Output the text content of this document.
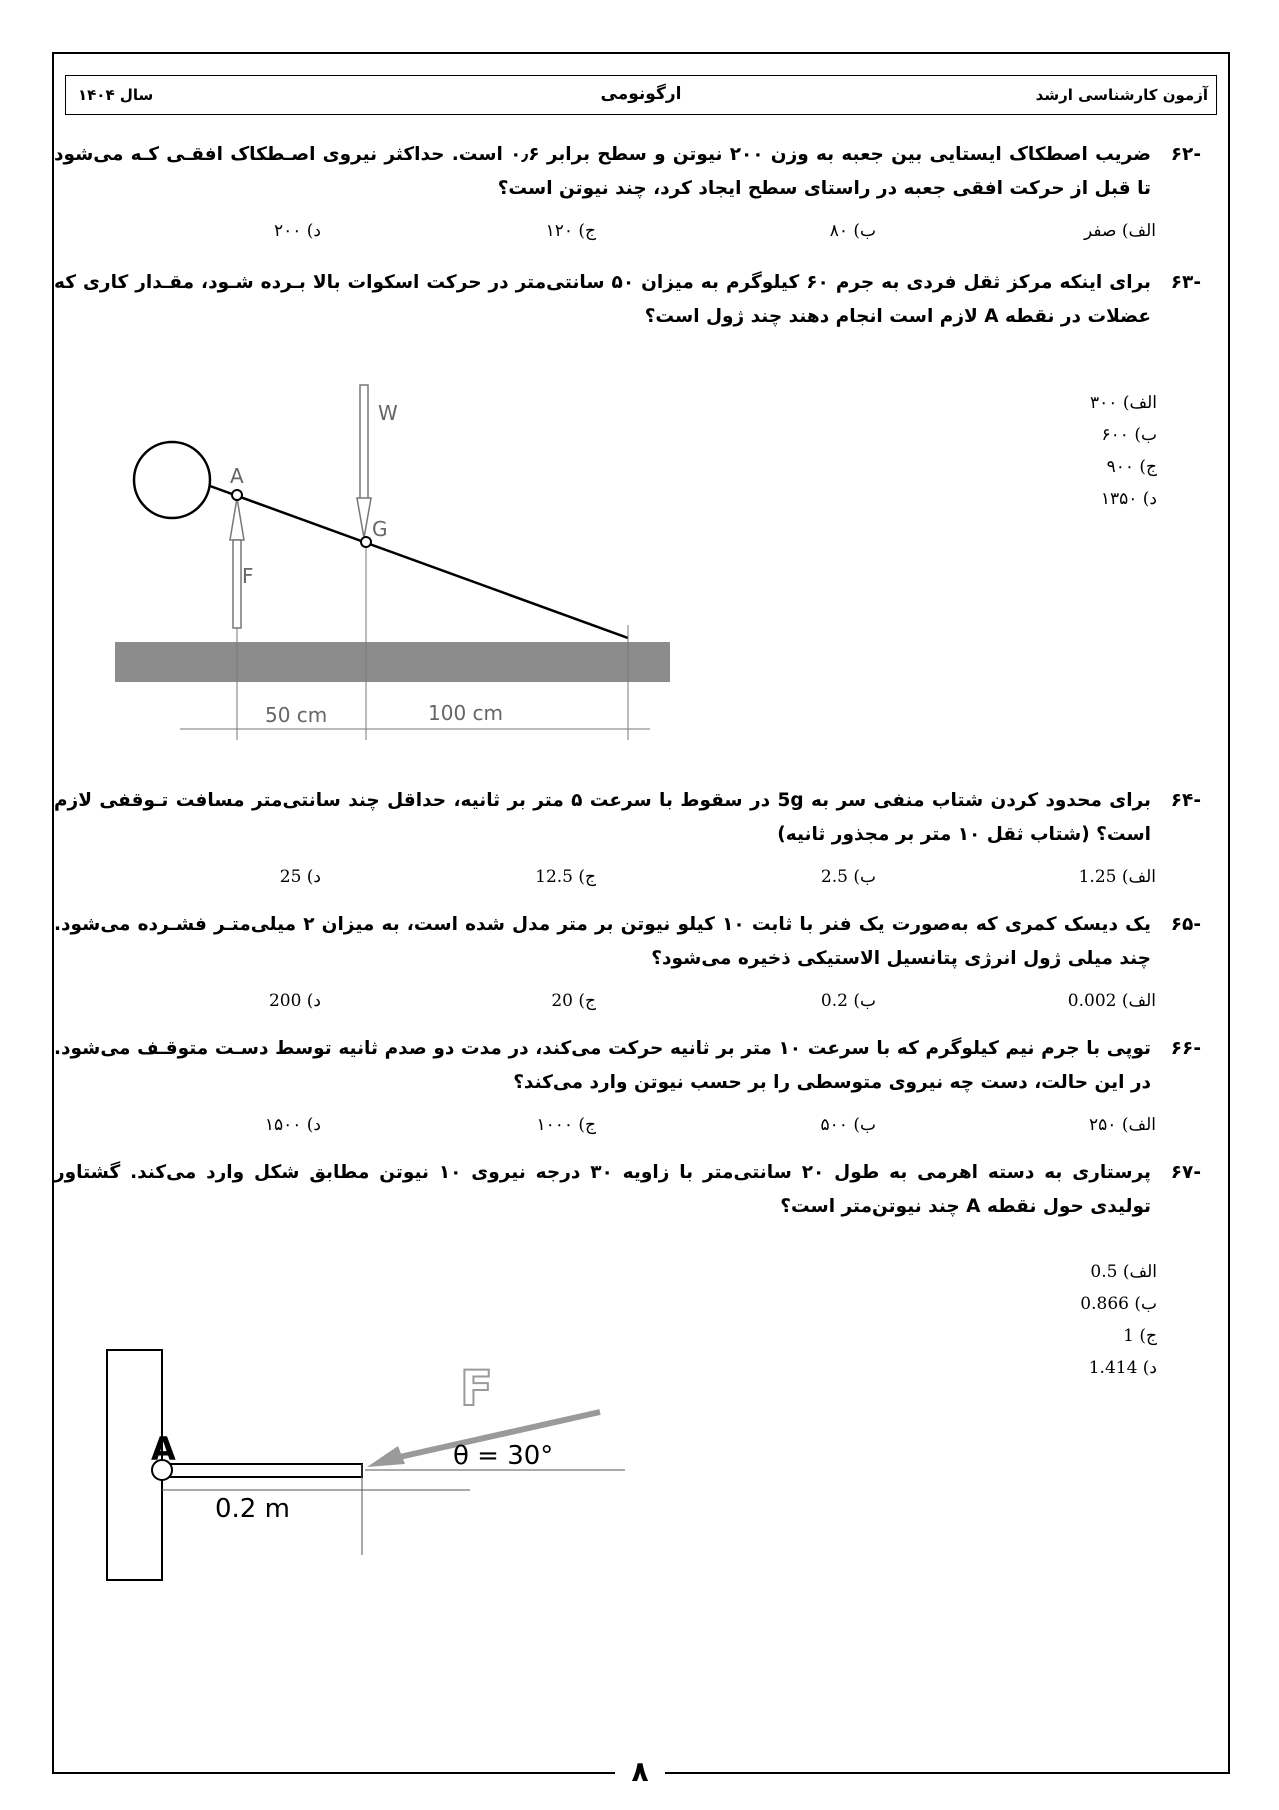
آزمون کارشناسی ارشد
ارگونومی
سال ۱۴۰۴
-۶۲
ضریب اصطکاک ایستایی بین جعبه به وزن ۲۰۰ نیوتن و سطح برابر ۰٫۶ است. حداکثر نیروی اصـطکاک افقـی کـه می‌شود تا قبل از حرکت افقی جعبه در راستای سطح ایجاد کرد، چند نیوتن است؟
الف) صفر
ب) ۸۰
ج) ۱۲۰
د) ۲۰۰
-۶۳
برای اینکه مرکز ثقل فردی به جرم ۶۰ کیلوگرم به میزان ۵۰ سانتی‌متر در حرکت اسکوات بالا بـرده شـود، مقـدار کاری که عضلات در نقطه A لازم است انجام دهند چند ژول است؟
الف) ۳۰۰
ب) ۶۰۰
ج) ۹۰۰
د) ۱۳۵۰
W
A
G
F
50 cm	100 cm
-۶۴
برای محدود کردن شتاب منفی سر به 5g در سقوط با سرعت ۵ متر بر ثانیه، حداقل چند سانتی‌متر مسافت تـوقفی لازم است؟ (شتاب ثقل ۱۰ متر بر مجذور ثانیه)
الف) 1.25
ب) 2.5
ج) 12.5
د) 25
-۶۵
یک دیسک کمری که به‌صورت یک فنر با ثابت ۱۰ کیلو نیوتن بر متر مدل شده است، به میزان ۲ میلی‌متـر فشـرده می‌شود. چند میلی ژول انرژی پتانسیل الاستیکی ذخیره می‌شود؟
الف) 0.002
ب) 0.2
ج) 20
د) 200
-۶۶
توپی با جرم نیم کیلوگرم که با سرعت ۱۰ متر بر ثانیه حرکت می‌کند، در مدت دو صدم ثانیه توسط دسـت متوقـف می‌شود. در این حالت، دست چه نیروی متوسطی را بر حسب نیوتن وارد می‌کند؟
الف) ۲۵۰
ب) ۵۰۰
ج) ۱۰۰۰
د) ۱۵۰۰
-۶۷
پرستاری به دسته اهرمی به طول ۲۰ سانتی‌متر با زاویه ۳۰ درجه نیروی ۱۰ نیوتن مطابق شکل وارد می‌کند. گشتاور تولیدی حول نقطه A چند نیوتن‌متر است؟
الف) 0.5
ب) 0.866
ج) 1
د) 1.414
A
F
θ = 30°
0.2 m
۸
